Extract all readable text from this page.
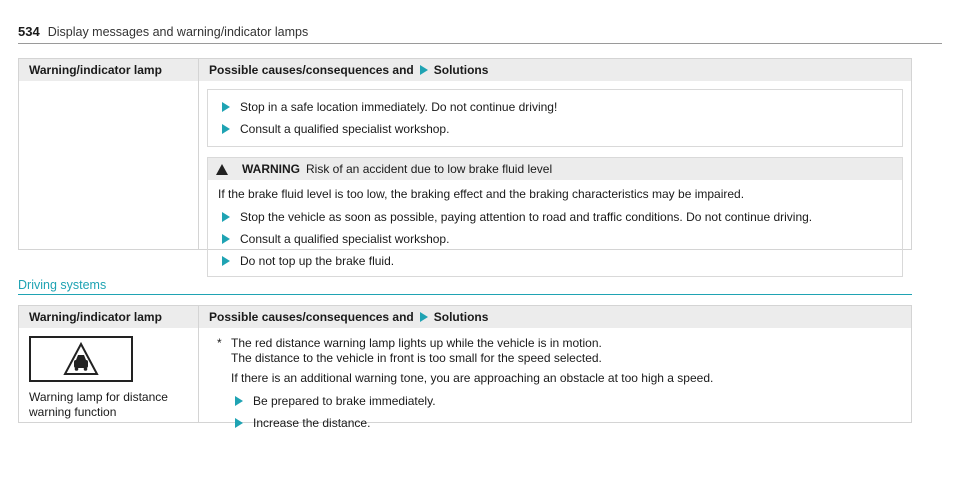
534 Display messages and warning/indicator lamps
Warning/indicator lamp	Possible causes/consequences and Solutions
Stop in a safe location immediately. Do not continue driving!
Consult a qualified specialist workshop.
WARNING Risk of an accident due to low brake fluid level
If the brake fluid level is too low, the braking effect and the braking characteristics may be impaired.
Stop the vehicle as soon as possible, paying attention to road and traffic conditions. Do not continue driving.
Consult a qualified specialist workshop.
Do not top up the brake fluid.
Driving systems
Warning/indicator lamp	Possible causes/consequences and Solutions
Warning lamp for distance
warning function
* The red distance warning lamp lights up while the vehicle is in motion.
The distance to the vehicle in front is too small for the speed selected.
If there is an additional warning tone, you are approaching an obstacle at too high a speed.
Be prepared to brake immediately.
Increase the distance.
